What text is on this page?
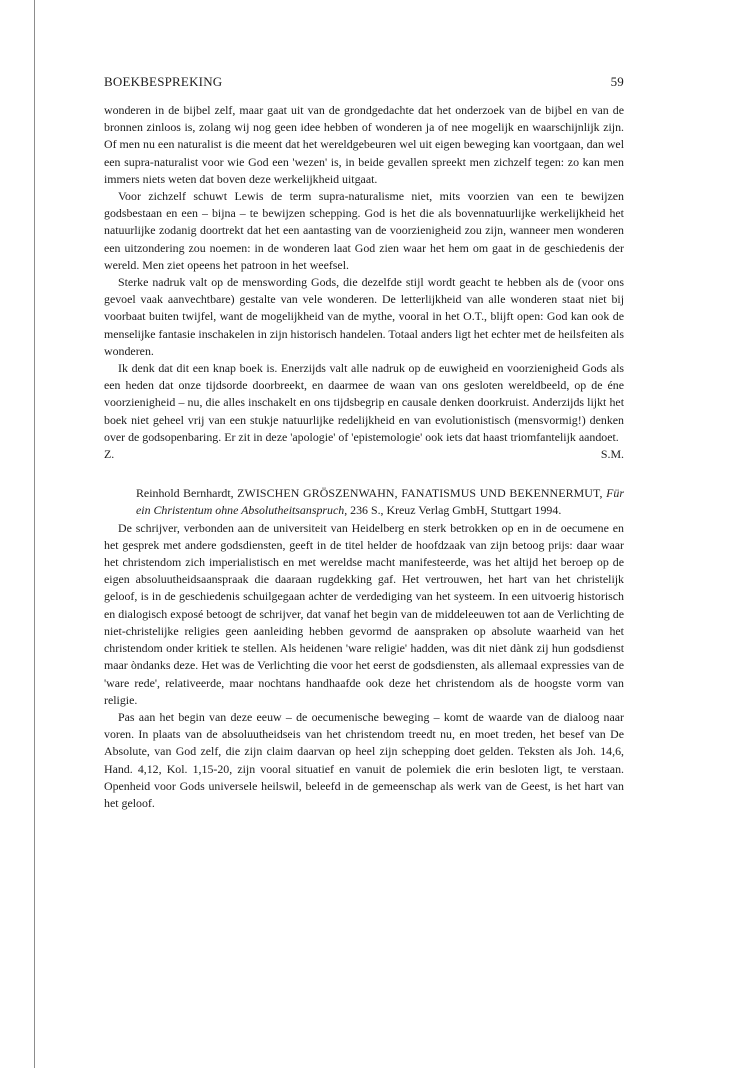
BOEKBESPREKING	59

wonderen in de bijbel zelf, maar gaat uit van de grondgedachte dat het onderzoek van de bijbel en van de bronnen zinloos is, zolang wij nog geen idee hebben of wonderen ja of nee mogelijk en waarschijnlijk zijn. Of men nu een naturalist is die meent dat het wereldgebeuren wel uit eigen beweging kan voortgaan, dan wel een supra-naturalist voor wie God een 'wezen' is, in beide gevallen spreekt men zichzelf tegen: zo kan men immers niets weten dat boven deze werkelijkheid uitgaat.

Voor zichzelf schuwt Lewis de term supra-naturalisme niet, mits voorzien van een te bewijzen godsbestaan en een – bijna – te bewijzen schepping. God is het die als bovennatuurlijke werkelijkheid het natuurlijke zodanig doortrekt dat het een aantasting van de voorzienigheid zou zijn, wanneer men wonderen een uitzondering zou noemen: in de wonderen laat God zien waar het hem om gaat in de geschiedenis der wereld. Men ziet opeens het patroon in het weefsel.

Sterke nadruk valt op de menswording Gods, die dezelfde stijl wordt geacht te hebben als de (voor ons gevoel vaak aanvechtbare) gestalte van vele wonderen. De letterlijkheid van alle wonderen staat niet bij voorbaat buiten twijfel, want de mogelijkheid van de mythe, vooral in het O.T., blijft open: God kan ook de menselijke fantasie inschakelen in zijn historisch handelen. Totaal anders ligt het echter met de heilsfeiten als wonderen.

Ik denk dat dit een knap boek is. Enerzijds valt alle nadruk op de euwigheid en voorzienigheid Gods als een heden dat onze tijdsorde doorbreekt, en daarmee de waan van ons gesloten wereldbeeld, op de éne voorzienigheid – nu, die alles inschakelt en ons tijdsbegrip en causale denken doorkruist. Anderzijds lijkt het boek niet geheel vrij van een stukje natuurlijke redelijkheid en van evolutionistisch (mensvormig!) denken over de godsopenbaring. Er zit in deze 'apologie' of 'epistemologie' ook iets dat haast triomfantelijk aandoet.

Z.	S.M.

Reinhold Bernhardt, ZWISCHEN GRÖSZENWAHN, FANATISMUS UND BEKENNERMUT, Für ein Christentum ohne Absolutheitsanspruch, 236 S., Kreuz Verlag GmbH, Stuttgart 1994.

De schrijver, verbonden aan de universiteit van Heidelberg en sterk betrokken op en in de oecumene en het gesprek met andere godsdiensten, geeft in de titel helder de hoofdzaak van zijn betoog prijs: daar waar het christendom zich imperialistisch en met wereldse macht manifesteerde, was het altijd het beroep op de eigen absoluutheidsaanspraak die daaraan rugdekking gaf. Het vertrouwen, het hart van het christelijk geloof, is in de geschiedenis schuilgegaan achter de verdediging van het systeem. In een uitvoerig historisch en dialogisch exposé betoogt de schrijver, dat vanaf het begin van de middeleeuwen tot aan de Verlichting de niet-christelijke religies geen aanleiding hebben gevormd de aanspraken op absolute waarheid van het christendom onder kritiek te stellen. Als heidenen 'ware religie' hadden, was dit niet dànk zij hun godsdienst maar òndanks deze. Het was de Verlichting die voor het eerst de godsdiensten, als allemaal expressies van de 'ware rede', relativeerde, maar nochtans handhaafde ook deze het christendom als de hoogste vorm van religie.

Pas aan het begin van deze eeuw – de oecumenische beweging – komt de waarde van de dialoog naar voren. In plaats van de absoluutheidseis van het christendom treedt nu, en moet treden, het besef van De Absolute, van God zelf, die zijn claim daarvan op heel zijn schepping doet gelden. Teksten als Joh. 14,6, Hand. 4,12, Kol. 1,15-20, zijn vooral situatief en vanuit de polemiek die erin besloten ligt, te verstaan. Openheid voor Gods universele heilswil, beleefd in de gemeenschap als werk van de Geest, is het hart van het geloof.
